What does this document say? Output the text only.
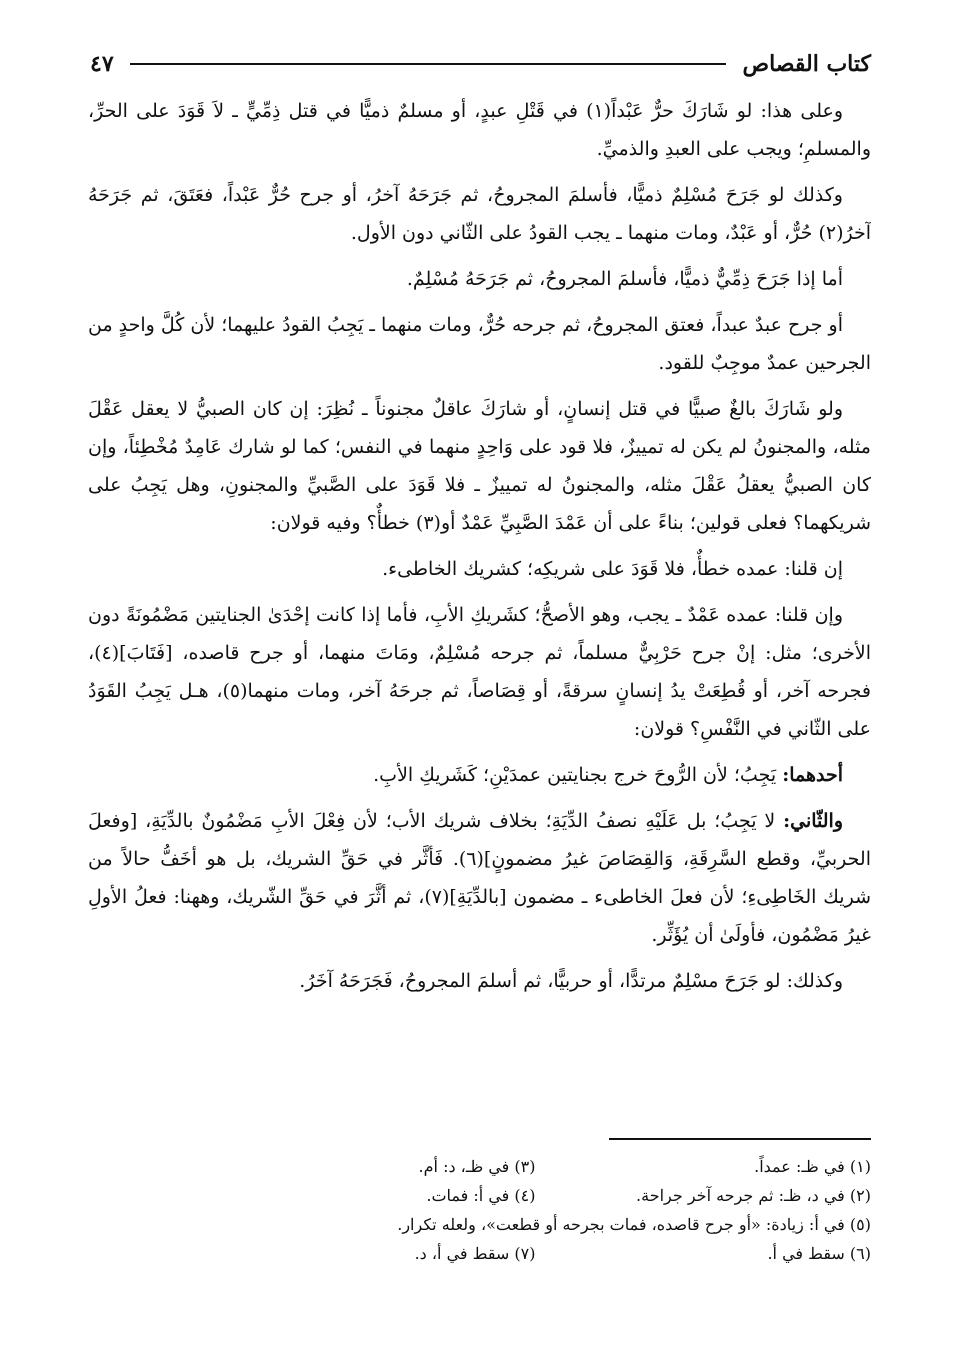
كتاب القصاص
٤٧

وعلى هذا: لو شَارَكَ حرٌّ عَبْداً(١) في قَتْلِ عبدٍ، أو مسلمٌ ذميًّا في قتل ذِمِّيٍّ ـ لاَ قَوَدَ على الحرِّ، والمسلمِ؛ ويجب على العبدِ والذميِّ.

وكذلك لو جَرَحَ مُسْلِمٌ ذميًّا، فأسلمَ المجروحُ، ثم جَرَحَهُ آخرُ، أو جرح حُرٌّ عَبْداً، فعَتَقَ، ثم جَرَحَهُ آخرُ(٢) حُرٌّ، أو عَبْدٌ، ومات منهما ـ يجب القودُ على الثّاني دون الأول.

أما إذا جَرَحَ ذِمِّيٌّ ذميًّا، فأسلمَ المجروحُ، ثم جَرَحَهُ مُسْلِمٌ.

أو جرح عبدٌ عبداً، فعتق المجروحُ، ثم جرحه حُرٌّ، ومات منهما ـ يَجِبُ القودُ عليهما؛ لأن كُلَّ واحدٍ من الجرحين عمدٌ موجِبٌ للقود.

ولو شَارَكَ بالغٌ صبيًّا في قتل إنسانٍ، أو شارَكَ عاقلٌ مجنوناً ـ نُظِرَ: إن كان الصبيُّ لا يعقل عَقْلَ مثله، والمجنونُ لم يكن له تمييزٌ، فلا قود على وَاحِدٍ منهما في النفس؛ كما لو شارك عَامِدٌ مُخْطِئاً، وإن كان الصبيُّ يعقلُ عَقْلَ مثله، والمجنونُ له تمييزٌ ـ فلا قَوَدَ على الصَّبيِّ والمجنونِ، وهل يَجِبُ على شريكهما؟ فعلى قولين؛ بناءً على أن عَمْدَ الصَّبِيِّ عَمْدٌ أو(٣) خطأٌ؟ وفيه قولان:

إن قلنا: عمده خطأٌ، فلا قَوَدَ على شريكِه؛ كشريك الخاطىء.

وإن قلنا: عمده عَمْدٌ ـ يجب، وهو الأصحُّ؛ كشَريكِ الأبِ، فأما إذا كانت إحْدَىٰ الجنايتين مَضْمُونَةً دون الأخرى؛ مثل: إنْ جرح حَرْبِيٌّ مسلماً، ثم جرحه مُسْلِمٌ، ومَاتَ منهما، أو جرح قاصده، [فَتَابَ](٤)، فجرحه آخر، أو قُطِعَتْ يدُ إنسانٍ سرقةً، أو قِصَاصاً، ثم جرحَهُ آخر، ومات منهما(٥)، هـل يَجِبُ القَوَدُ على الثّاني في النَّفْسِ؟ قولان:

أحدهما: يَجِبُ؛ لأن الرُّوحَ خرج بجنايتين عمدَيْنِ؛ كَشَريكِ الأبِ.

والثّاني: لا يَجِبُ؛ بل عَلَيْهِ نصفُ الدِّيَةِ؛ بخلاف شريك الأب؛ لأن فِعْلَ الأبِ مَضْمُونٌ بالدِّيَةِ، [وفعلَ الحربيِّ، وقطع السَّرِقَةِ، وَالقِصَاصَ غيرُ مضمونٍ](٦). فَأثَّر في حَقِّ الشريك، بل هو أخَفُّ حالاً من شريك الخَاطِىءِ؛ لأن فعلَ الخاطىء ـ مضمون [بالدِّيَةِ](٧)، ثم أثَّرَ في حَقِّ الشّريك، وههنا: فعلُ الأولِ غيرُ مَضْمُون، فأولَىٰ أن يُؤَثِّر.

وكذلك: لو جَرَحَ مسْلِمٌ مرتدًّا، أو حربيًّا، ثم أسلمَ المجروحُ، فَجَرَحَهُ آخَرُ.

(١) في ظـ: عمداً.
(٣) في ظـ، د: أم.
(٢) في د، ظـ: ثم جرحه آخر جراحة.
(٤) في أ: فمات.
(٥) في أ: زيادة: «أو جرح قاصده، فمات بجرحه أو قطعت»، ولعله تكرار.
(٦) سقط في أ.
(٧) سقط في أ، د.
